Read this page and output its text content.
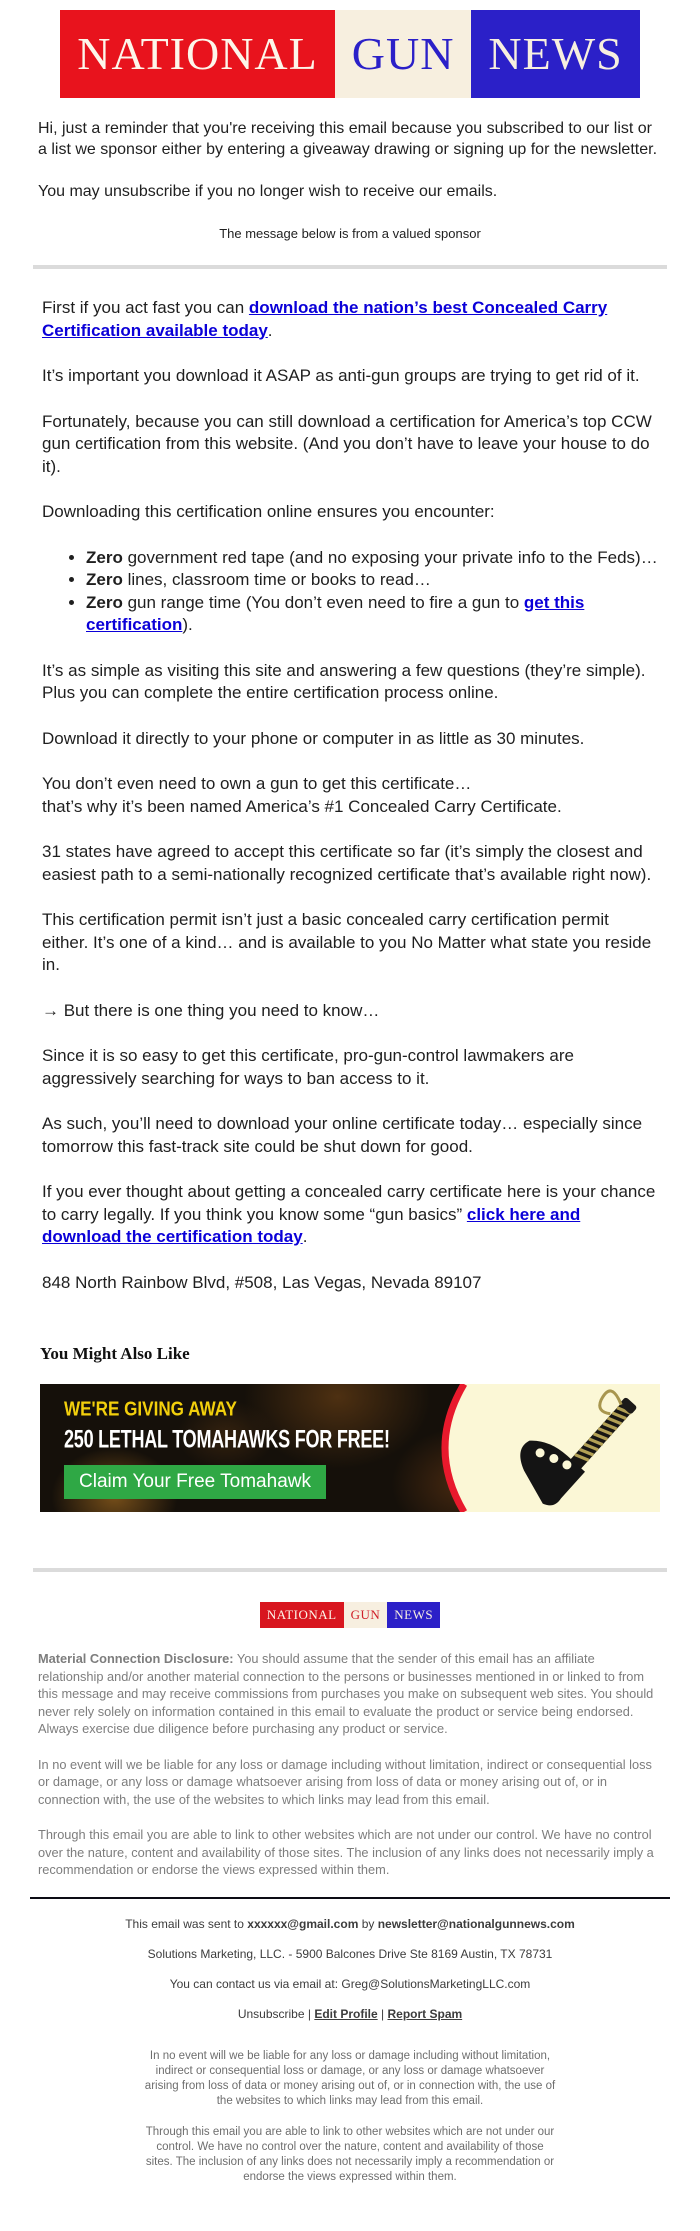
NATIONAL GUN NEWS

Hi, just a reminder that you're receiving this email because you subscribed to our list or a list we sponsor either by entering a giveaway drawing or signing up for the newsletter.

You may unsubscribe if you no longer wish to receive our emails.

The message below is from a valued sponsor

First if you act fast you can download the nation’s best Concealed Carry Certification available today.

It’s important you download it ASAP as anti-gun groups are trying to get rid of it.

Fortunately, because you can still download a certification for America’s top CCW gun certification from this website. (And you don’t have to leave your house to do it).

Downloading this certification online ensures you encounter:

• Zero government red tape (and no exposing your private info to the Feds)…
• Zero lines, classroom time or books to read…
• Zero gun range time (You don’t even need to fire a gun to get this certification).

It’s as simple as visiting this site and answering a few questions (they’re simple). Plus you can complete the entire certification process online.

Download it directly to your phone or computer in as little as 30 minutes.

You don’t even need to own a gun to get this certificate…
that’s why it’s been named America’s #1 Concealed Carry Certificate.

31 states have agreed to accept this certificate so far (it’s simply the closest and easiest path to a semi-nationally recognized certificate that’s available right now).

This certification permit isn’t just a basic concealed carry certification permit either. It’s one of a kind… and is available to you No Matter what state you reside in.

→ But there is one thing you need to know…

Since it is so easy to get this certificate, pro-gun-control lawmakers are aggressively searching for ways to ban access to it.

As such, you’ll need to download your online certificate today… especially since tomorrow this fast-track site could be shut down for good.

If you ever thought about getting a concealed carry certificate here is your chance to carry legally. If you think you know some “gun basics” click here and download the certification today.

848 North Rainbow Blvd, #508, Las Vegas, Nevada 89107

You Might Also Like
WE'RE GIVING AWAY
250 LETHAL TOMAHAWKS FOR FREE!
Claim Your Free Tomahawk
NATIONAL	GUN	NEWS

Material Connection Disclosure: You should assume that the sender of this email has an affiliate relationship and/or another material connection to the persons or businesses mentioned in or linked to from this message and may receive commissions from purchases you make on subsequent web sites. You should never rely solely on information contained in this email to evaluate the product or service being endorsed. Always exercise due diligence before purchasing any product or service.

In no event will we be liable for any loss or damage including without limitation, indirect or consequential loss or damage, or any loss or damage whatsoever arising from loss of data or money arising out of, or in connection with, the use of the websites to which links may lead from this email.

Through this email you are able to link to other websites which are not under our control. We have no control over the nature, content and availability of those sites. The inclusion of any links does not necessarily imply a recommendation or endorse the views expressed within them.

This email was sent to xxxxxx@gmail.com by newsletter@nationalgunnews.com

Solutions Marketing, LLC. - 5900 Balcones Drive Ste 8169 Austin, TX 78731

You can contact us via email at: Greg@SolutionsMarketingLLC.com

Unsubscribe | Edit Profile | Report Spam

In no event will we be liable for any loss or damage including without limitation, indirect or consequential loss or damage, or any loss or damage whatsoever arising from loss of data or money arising out of, or in connection with, the use of the websites to which links may lead from this email.

Through this email you are able to link to other websites which are not under our control. We have no control over the nature, content and availability of those sites. The inclusion of any links does not necessarily imply a recommendation or endorse the views expressed within them.
